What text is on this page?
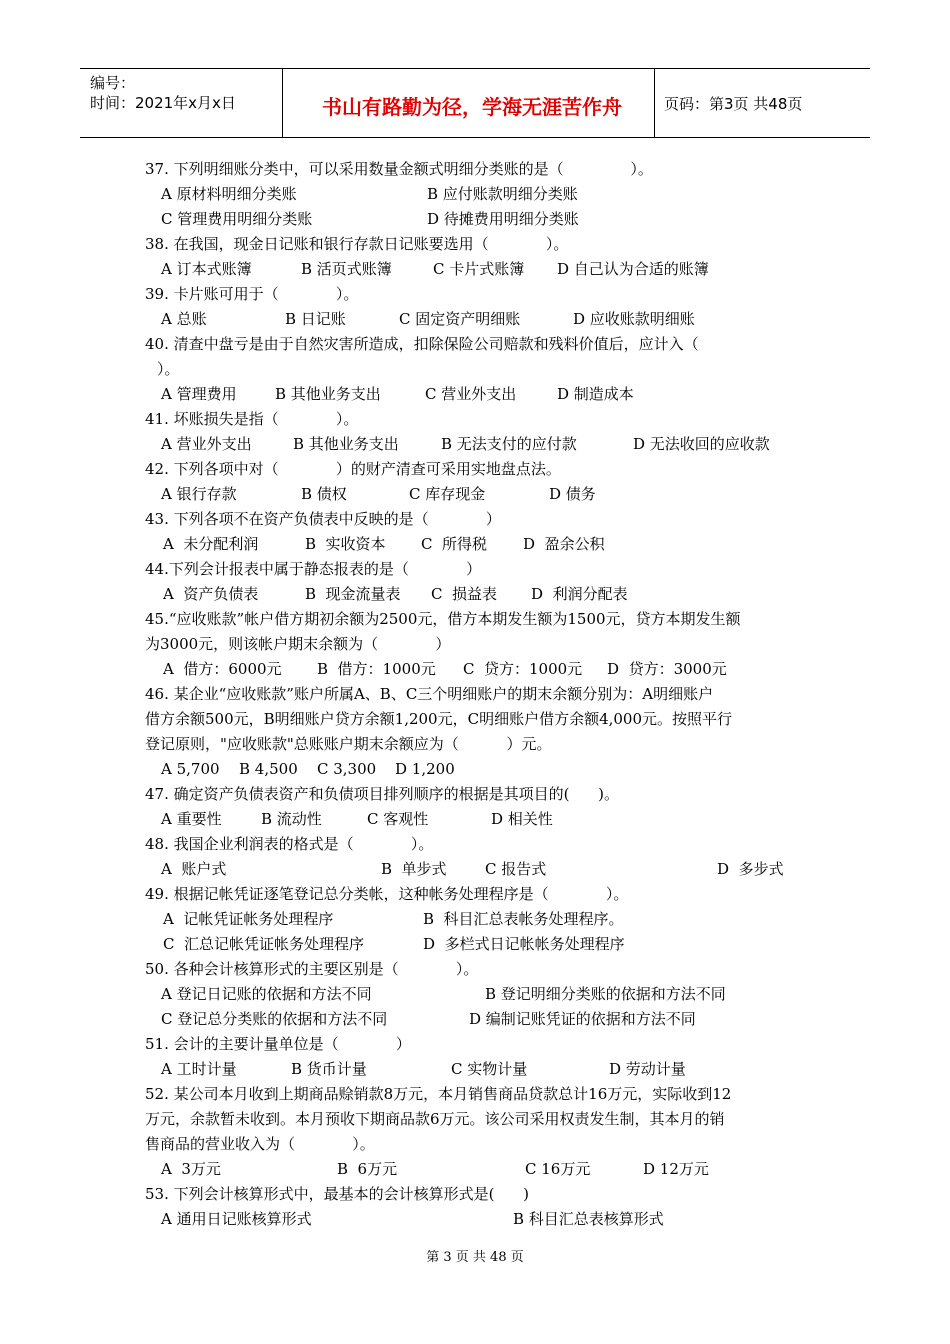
编号：
时间：2021年x月x日	书山有路勤为径，学海无涯苦作舟	页码：第3页 共48页
37. 下列明细账分类中，可以采用数量金额式明细分类账的是（              ）。
A 原材料明细分类账	B 应付账款明细分类账
C 管理费用明细分类账	D 待摊费用明细分类账
38. 在我国，现金日记账和银行存款日记账要选用（            ）。
A 订本式账簿	B 活页式账簿	C 卡片式账簿 D 自己认为合适的账簿
39. 卡片账可用于（            ）。
A 总账	B 日记账	C 固定资产明细账	D 应收账款明细账
40. 清查中盘亏是由于自然灾害所造成，扣除保险公司赔款和残料价值后，应计入（
）。
A 管理费用	B 其他业务支出	C 营业外支出	D 制造成本
41. 坏账损失是指（            ）。
A 营业外支出	B 其他业务支出	B 无法支付的应付款	D 无法收回的应收款
42. 下列各项中对（            ）的财产清查可采用实地盘点法。
A 银行存款	B 债权	C 库存现金	D 债务
43. 下列各项不在资产负债表中反映的是（            ）
A  未分配利润	B  实收资本 C  所得税 D  盈余公积
44.下列会计报表中属于静态报表的是（            ）
A  资产负债表	B  现金流量表 C  损益表 D  利润分配表
45.“应收账款”帐户借方期初余额为2500元，借方本期发生额为1500元，贷方本期发生额
为3000元，则该帐户期末余额为（            ）
A  借方：6000元 B  借方：1000元 C  贷方：1000元 D  贷方：3000元
46. 某企业“应收账款”账户所属A、B、C三个明细账户的期末余额分别为：A明细账户
借方余额500元，B明细账户贷方余额1,200元，C明细账户借方余额4,000元。按照平行
登记原则，"应收账款"总账账户期末余额应为（          ）元。
A 5,700 B 4,500 C 3,300 D 1,200
47. 确定资产负债表资产和负债项目排列顺序的根据是其项目的(      )。
A 重要性	B 流动性	C 客观性	D 相关性
48. 我国企业利润表的格式是（            ）。
A  账户式	B  单步式	C 报告式	D  多步式
49. 根据记帐凭证逐笔登记总分类帐，这种帐务处理程序是（            ）。
A  记帐凭证帐务处理程序	B  科目汇总表帐务处理程序。
C  汇总记帐凭证帐务处理程序	D  多栏式日记帐帐务处理程序
50. 各种会计核算形式的主要区别是（            ）。
A 登记日记账的依据和方法不同	B 登记明细分类账的依据和方法不同
C 登记总分类账的依据和方法不同	D 编制记账凭证的依据和方法不同
51. 会计的主要计量单位是（            ）
A 工时计量	B 货币计量	C 实物计量	D 劳动计量
52. 某公司本月收到上期商品赊销款8万元，本月销售商品贷款总计16万元，实际收到12
万元，余款暂未收到。本月预收下期商品款6万元。该公司采用权责发生制，其本月的销
售商品的营业收入为（            ）。
A  3万元	B  6万元	C 16万元	D 12万元
53. 下列会计核算形式中，最基本的会计核算形式是(      )
A 通用日记账核算形式	B 科目汇总表核算形式
第 3 页 共 48 页
